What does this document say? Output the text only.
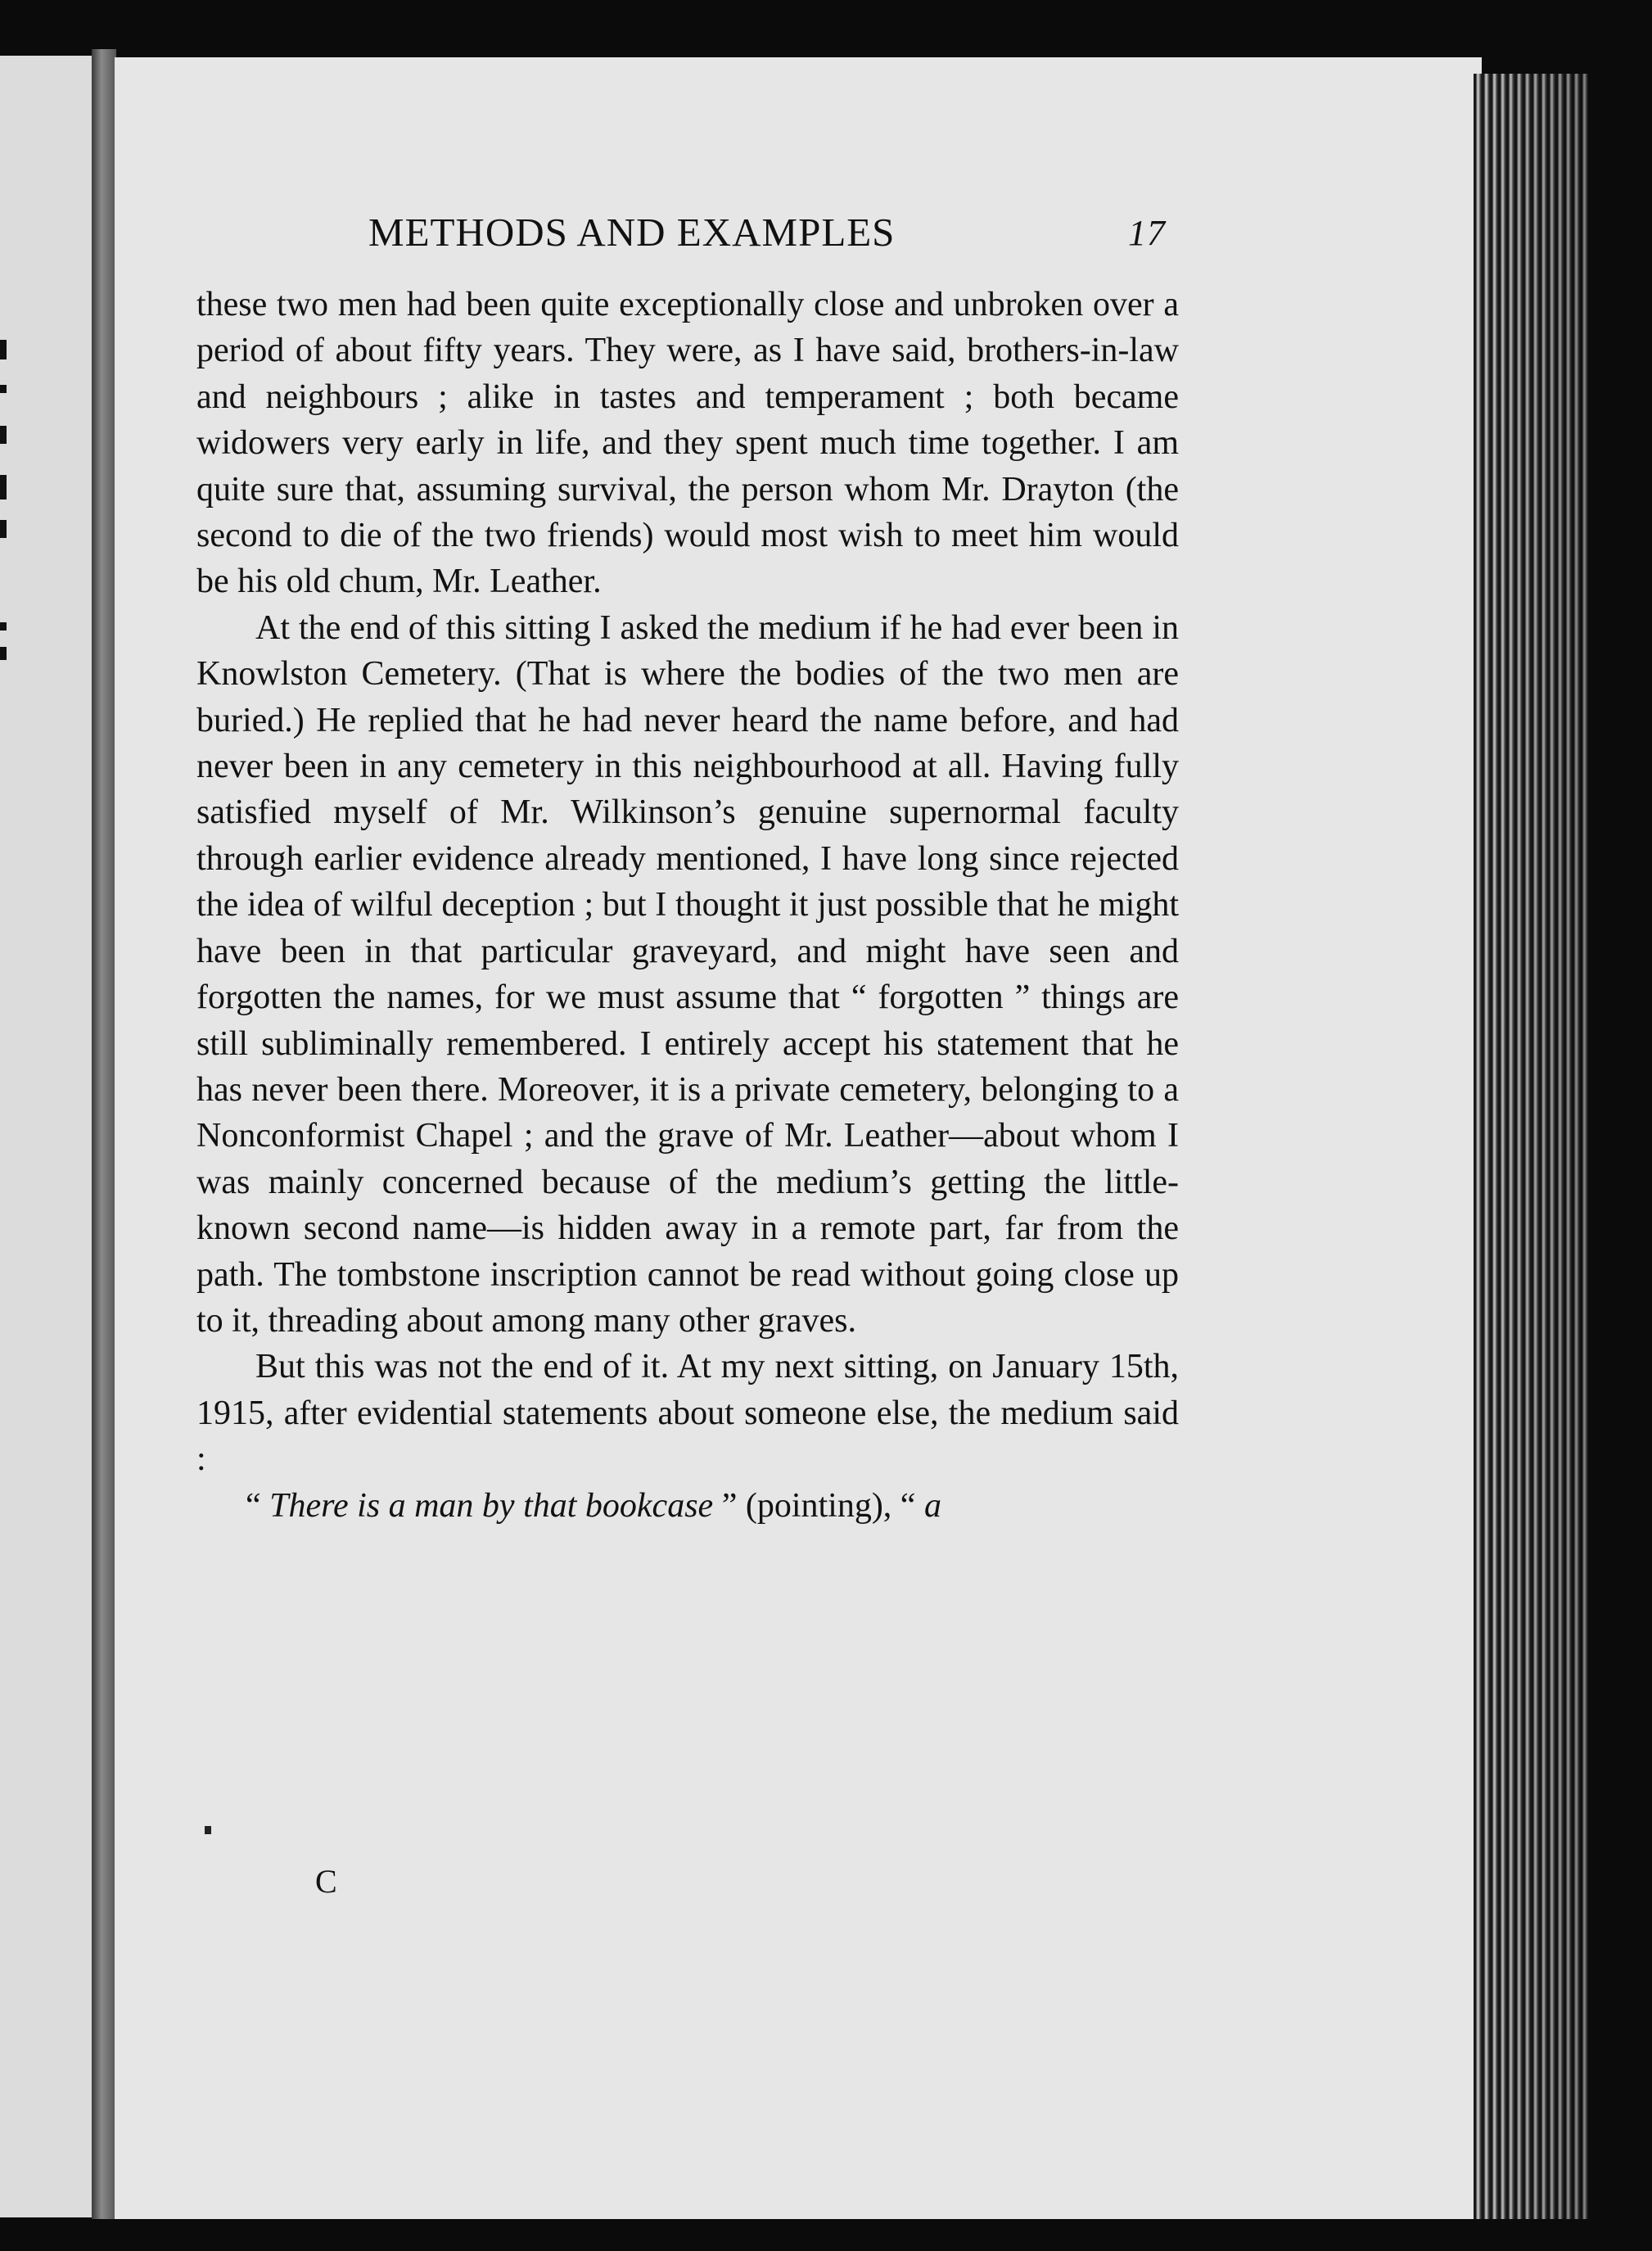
METHODS AND EXAMPLES	17

these two men had been quite exceptionally close and unbroken over a period of about fifty years. They were, as I have said, brothers-in-law and neighbours ; alike in tastes and temperament ; both became widowers very early in life, and they spent much time together. I am quite sure that, assuming survival, the person whom Mr. Drayton (the second to die of the two friends) would most wish to meet him would be his old chum, Mr. Leather.

At the end of this sitting I asked the medium if he had ever been in Knowlston Cemetery. (That is where the bodies of the two men are buried.) He replied that he had never heard the name before, and had never been in any cemetery in this neighbourhood at all. Having fully satisfied myself of Mr. Wilkinson’s genuine supernormal faculty through earlier evidence already mentioned, I have long since rejected the idea of wilful deception ; but I thought it just possible that he might have been in that particular graveyard, and might have seen and forgotten the names, for we must assume that “ forgotten ” things are still subliminally remembered. I entirely accept his statement that he has never been there. Moreover, it is a private cemetery, belonging to a Nonconformist Chapel ; and the grave of Mr. Leather—about whom I was mainly concerned because of the medium’s getting the little-known second name—is hidden away in a remote part, far from the path. The tombstone inscription cannot be read without going close up to it, threading about among many other graves.

But this was not the end of it. At my next sitting, on January 15th, 1915, after evidential statements about someone else, the medium said :

“ There is a man by that bookcase ” (pointing), “ a

C
